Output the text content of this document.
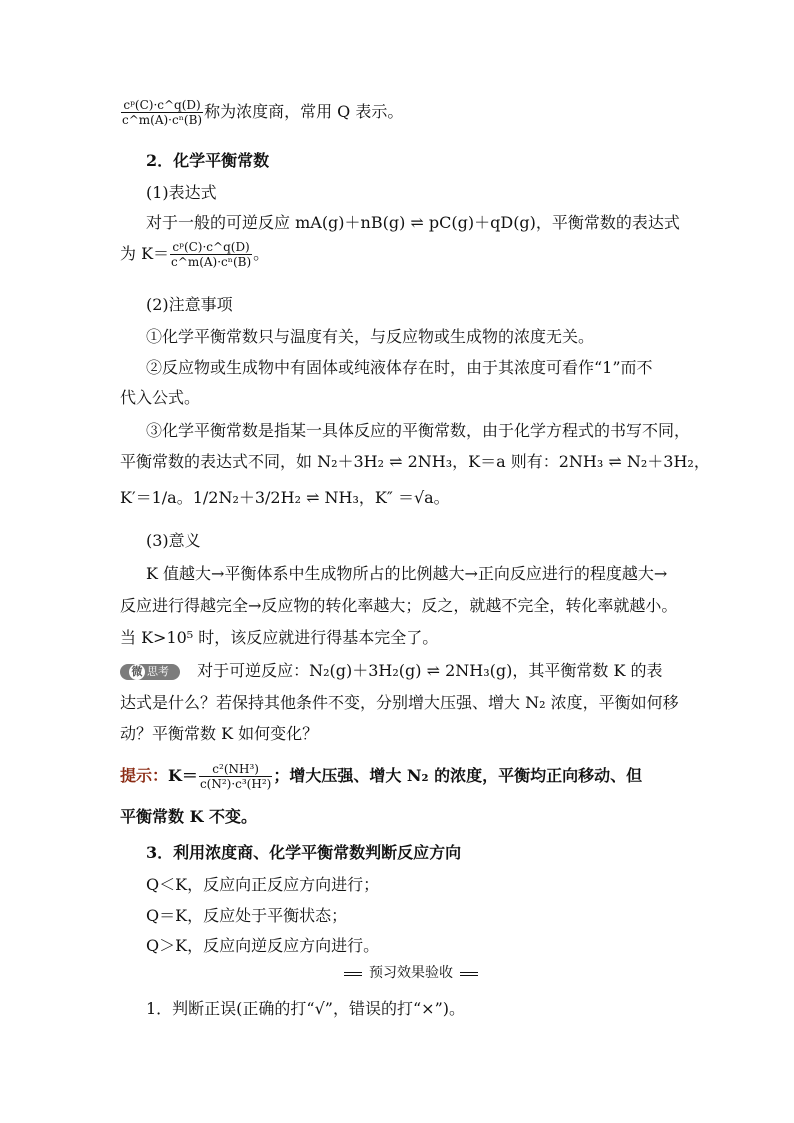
$\frac{\text{cᵖ(C)·c\textasciicircum{}q(D)}}{\text{c\textasciicircum{}m(A)·cⁿ(B)}}$ 称为浓度商，常用 Q 表示。
2．化学平衡常数
(1)表达式
对于一般的可逆反应 mA(g)＋nB(g) ⇌ pC(g)＋qD(g)，平衡常数的表达式
为 $K= \frac{\text{cᵖ(C)·c\textasciicircum{}q(D)}}{\text{c\textasciicircum{}m(A)·cⁿ(B)}}$ 。
(2)注意事项
①化学平衡常数只与温度有关，与反应物或生成物的浓度无关。
②反应物或生成物中有固体或纯液体存在时，由于其浓度可看作“1”而不
代入公式。
③化学平衡常数是指某一具体反应的平衡常数，由于化学方程式的书写不同，
平衡常数的表达式不同，如 N₂＋3H₂ ⇌ 2NH₃，K＝a 则有：2NH₃ ⇌ N₂＋3H₂，
K′＝1/a。1/2N₂＋3/2H₂ ⇌ NH₃，K″ ＝√a。
(3)意义
K 值越大→平衡体系中生成物所占的比例越大→正向反应进行的程度越大→
反应进行得越完全→反应物的转化率越大；反之，就越不完全，转化率就越小。
当 K>10⁵ 时，该反应就进行得基本完全了。
微 思考 对于可逆反应：N₂(g)＋3H₂(g) ⇌ 2NH₃(g)，其平衡常数 K 的表
达式是什么？若保持其他条件不变，分别增大压强、增大 N₂ 浓度，平衡如何移
动？平衡常数 K 如何变化？
提示：$K= \frac{\text{c²(NH³)}}{\text{c(N²)·c³(H²)}}$ ；增大压强、增大 N₂ 的浓度，平衡均正向移动、但
平衡常数 K 不变。
3．利用浓度商、化学平衡常数判断反应方向
Q＜K，反应向正反应方向进行；
Q＝K，反应处于平衡状态；
Q＞K，反应向逆反应方向进行。
预习效果验收
1．判断正误(正确的打“√”，错误的打“×”)。
